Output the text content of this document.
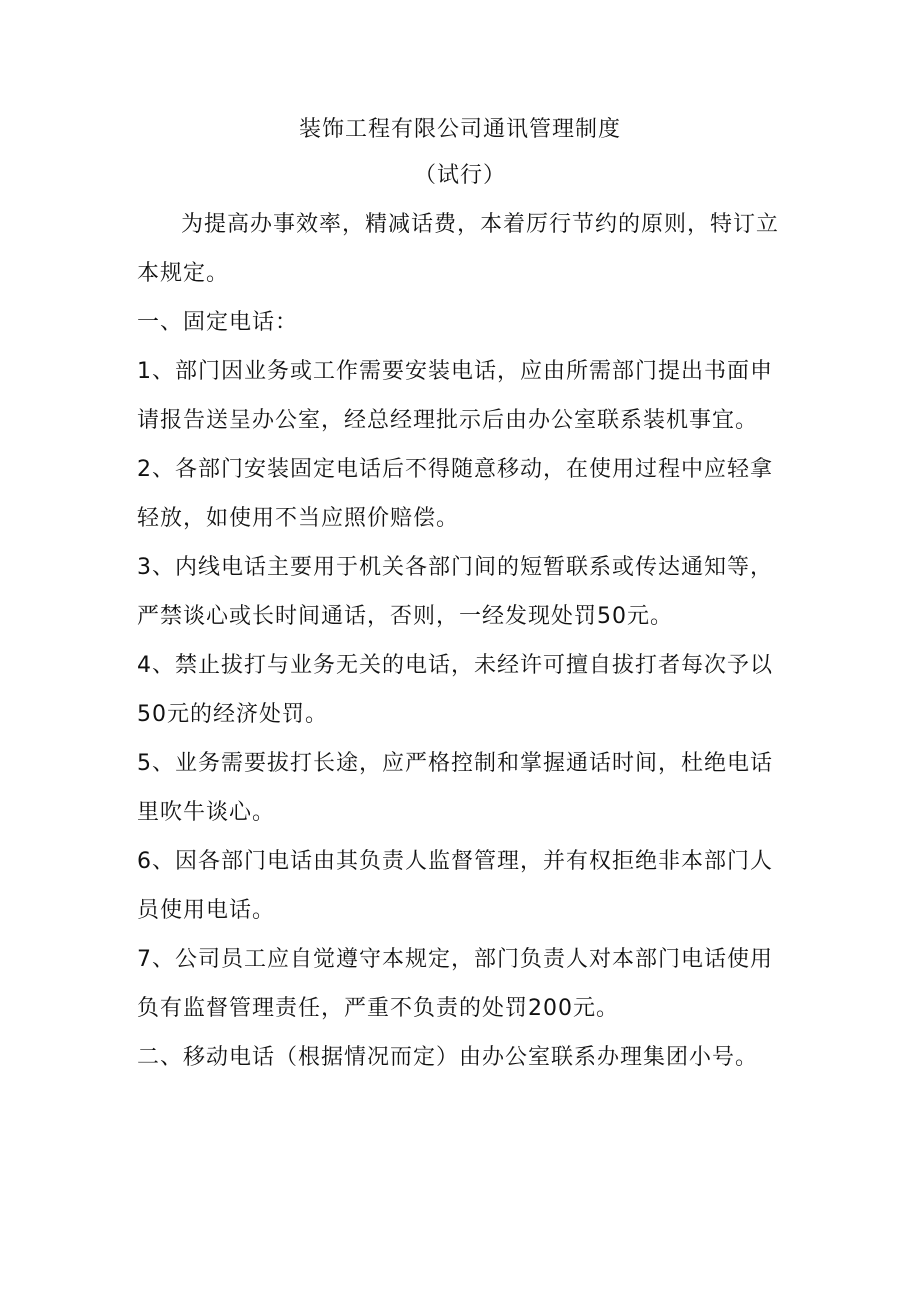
装饰工程有限公司通讯管理制度
（试行）
为提高办事效率，精减话费，本着厉行节约的原则，特订立本规定。
一、固定电话：
1、部门因业务或工作需要安装电话，应由所需部门提出书面申请报告送呈办公室，经总经理批示后由办公室联系装机事宜。
2、各部门安装固定电话后不得随意移动，在使用过程中应轻拿轻放，如使用不当应照价赔偿。
3、内线电话主要用于机关各部门间的短暂联系或传达通知等，严禁谈心或长时间通话，否则，一经发现处罚50元。
4、禁止拔打与业务无关的电话，未经许可擅自拔打者每次予以50元的经济处罚。
5、业务需要拔打长途，应严格控制和掌握通话时间，杜绝电话里吹牛谈心。
6、因各部门电话由其负责人监督管理，并有权拒绝非本部门人员使用电话。
7、公司员工应自觉遵守本规定，部门负责人对本部门电话使用负有监督管理责任，严重不负责的处罚200元。
二、移动电话（根据情况而定）由办公室联系办理集团小号。
